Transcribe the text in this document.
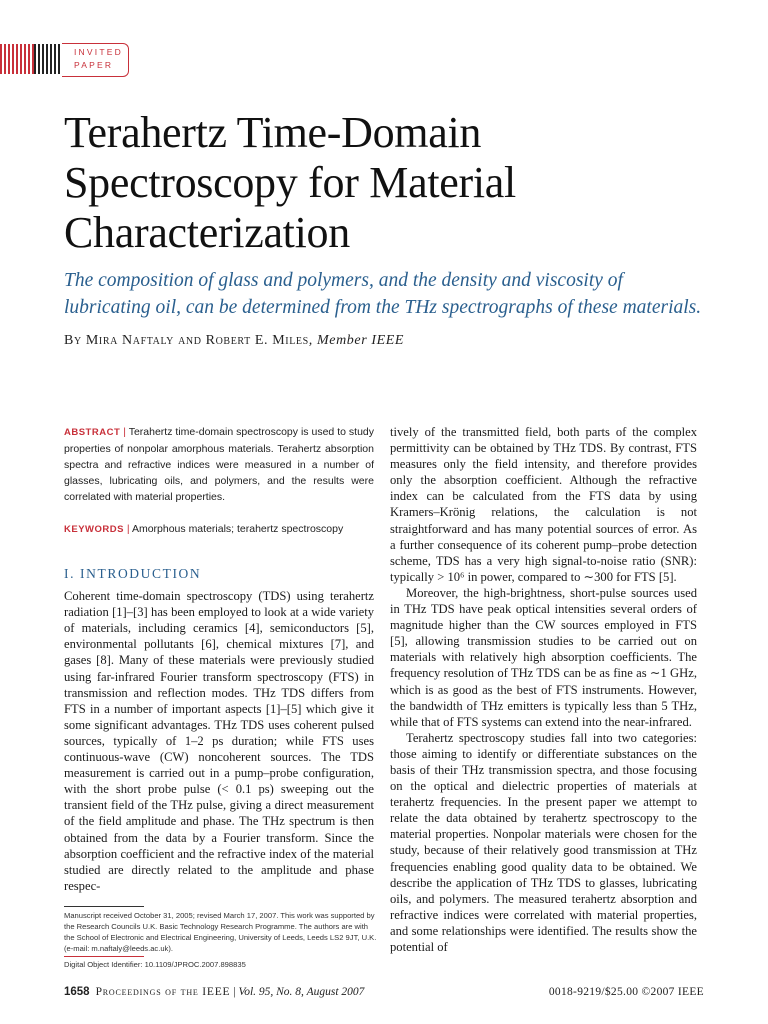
INVITED
PAPER
Terahertz Time-Domain Spectroscopy for Material Characterization

The composition of glass and polymers, and the density and viscosity of lubricating oil, can be determined from the THz spectrographs of these materials.

By Mira Naftaly and Robert E. Miles, Member IEEE
ABSTRACT | Terahertz time-domain spectroscopy is used to study properties of nonpolar amorphous materials. Terahertz absorption spectra and refractive indices were measured in a number of glasses, lubricating oils, and polymers, and the results were correlated with material properties.
KEYWORDS | Amorphous materials; terahertz spectroscopy
I. INTRODUCTION

Coherent time-domain spectroscopy (TDS) using terahertz radiation [1]–[3] has been employed to look at a wide variety of materials, including ceramics [4], semiconductors [5], environmental pollutants [6], chemical mixtures [7], and gases [8]. Many of these materials were previously studied using far-infrared Fourier transform spectroscopy (FTS) in transmission and reflection modes. THz TDS differs from FTS in a number of important aspects [1]–[5] which give it some significant advantages. THz TDS uses coherent pulsed sources, typically of 1–2 ps duration; while FTS uses continuous-wave (CW) noncoherent sources. The TDS measurement is carried out in a pump–probe configuration, with the short probe pulse (< 0.1 ps) sweeping out the transient field of the THz pulse, giving a direct measurement of the field amplitude and phase. The THz spectrum is then obtained from the data by a Fourier transform. Since the absorption coefficient and the refractive index of the material studied are directly related to the amplitude and phase respec-

tively of the transmitted field, both parts of the complex permittivity can be obtained by THz TDS. By contrast, FTS measures only the field intensity, and therefore provides only the absorption coefficient. Although the refractive index can be calculated from the FTS data by using Kramers–Krönig relations, the calculation is not straightforward and has many potential sources of error. As a further consequence of its coherent pump–probe detection scheme, TDS has a very high signal-to-noise ratio (SNR): typically > 10⁶ in power, compared to ∼300 for FTS [5].

Moreover, the high-brightness, short-pulse sources used in THz TDS have peak optical intensities several orders of magnitude higher than the CW sources employed in FTS [5], allowing transmission studies to be carried out on materials with relatively high absorption coefficients. The frequency resolution of THz TDS can be as fine as ∼1 GHz, which is as good as the best of FTS instruments. However, the bandwidth of THz emitters is typically less than 5 THz, while that of FTS systems can extend into the near-infrared.

Terahertz spectroscopy studies fall into two categories: those aiming to identify or differentiate substances on the basis of their THz transmission spectra, and those focusing on the optical and dielectric properties of materials at terahertz frequencies. In the present paper we attempt to relate the data obtained by terahertz spectroscopy to the material properties. Nonpolar materials were chosen for the study, because of their relatively good transmission at THz frequencies enabling good quality data to be obtained. We describe the application of THz TDS to glasses, lubricating oils, and polymers. The measured terahertz absorption and refractive indices were correlated with material properties, and some relationships were identified. The results show the potential of

Manuscript received October 31, 2005; revised March 17, 2007. This work was supported by the Research Councils U.K. Basic Technology Research Programme. The authors are with the School of Electronic and Electrical Engineering, University of Leeds, Leeds LS2 9JT, U.K. (e-mail: m.naftaly@leeds.ac.uk).
Digital Object Identifier: 10.1109/JPROC.2007.898835
1658 Proceedings of the IEEE | Vol. 95, No. 8, August 2007	0018-9219/$25.00 ©2007 IEEE
